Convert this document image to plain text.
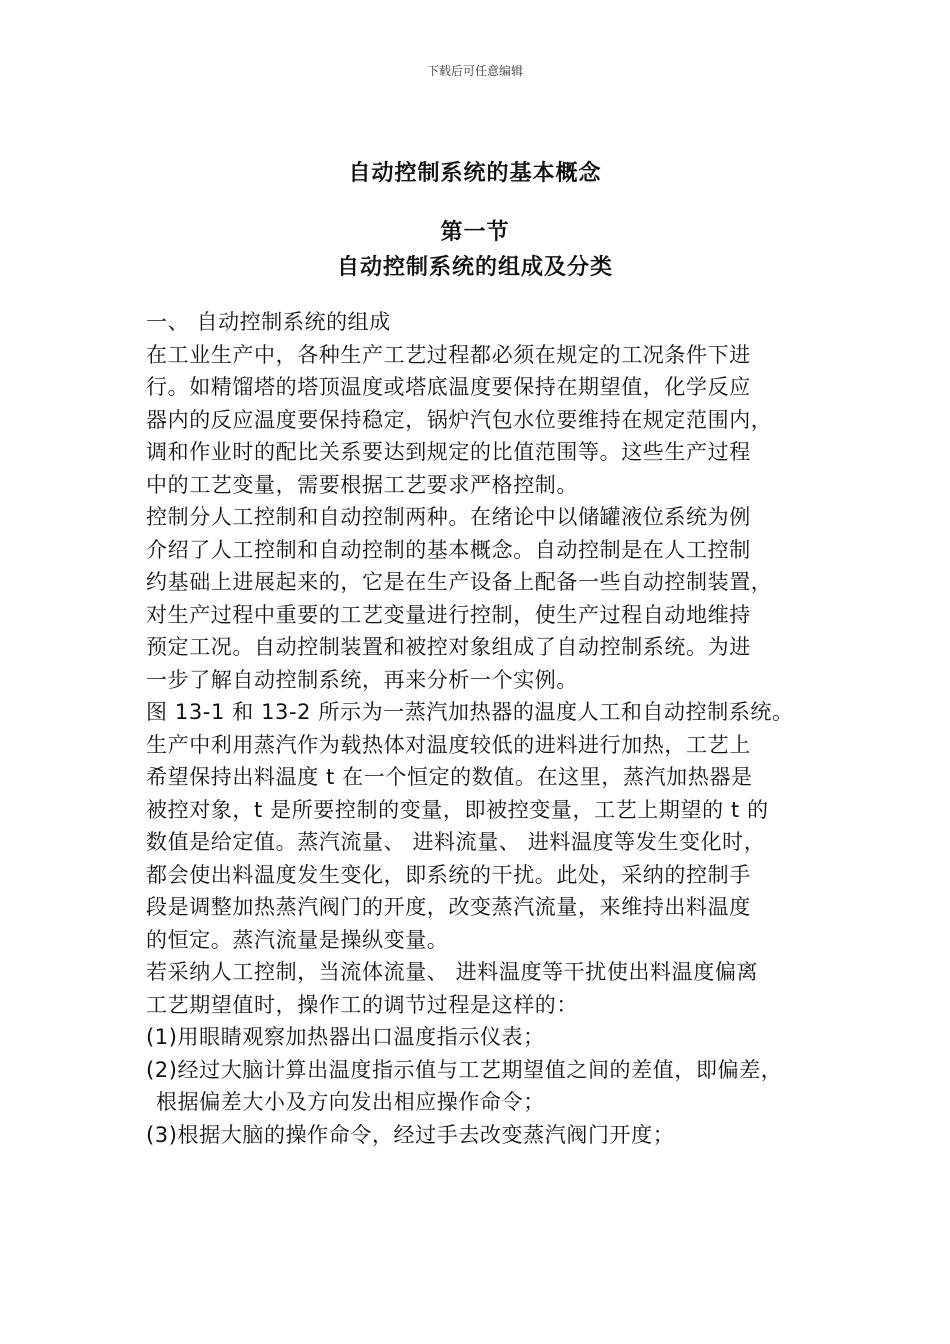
下载后可任意编辑
自动控制系统的基本概念
第一节
自动控制系统的组成及分类
一、 自动控制系统的组成
在工业生产中，各种生产工艺过程都必须在规定的工况条件下进
行。如精馏塔的塔顶温度或塔底温度要保持在期望值，化学反应
器内的反应温度要保持稳定，锅炉汽包水位要维持在规定范围内，
调和作业时的配比关系要达到规定的比值范围等。这些生产过程
中的工艺变量，需要根据工艺要求严格控制。
控制分人工控制和自动控制两种。在绪论中以储罐液位系统为例
介绍了人工控制和自动控制的基本概念。自动控制是在人工控制
约基础上进展起来的，它是在生产设备上配备一些自动控制装置，
对生产过程中重要的工艺变量进行控制，使生产过程自动地维持
预定工况。自动控制装置和被控对象组成了自动控制系统。为进
一步了解自动控制系统，再来分析一个实例。
图 13-1 和 13-2 所示为一蒸汽加热器的温度人工和自动控制系统。
生产中利用蒸汽作为载热体对温度较低的进料进行加热，工艺上
希望保持出料温度 t 在一个恒定的数值。在这里，蒸汽加热器是
被控对象，t 是所要控制的变量，即被控变量，工艺上期望的 t 的
数值是给定值。蒸汽流量、 进料流量、 进料温度等发生变化时，
都会使出料温度发生变化，即系统的干扰。此处，采纳的控制手
段是调整加热蒸汽阀门的开度，改变蒸汽流量，来维持出料温度
的恒定。蒸汽流量是操纵变量。
若采纳人工控制，当流体流量、 进料温度等干扰使出料温度偏离
工艺期望值时，操作工的调节过程是这样的：
(1)用眼睛观察加热器出口温度指示仪表；
(2)经过大脑计算出温度指示值与工艺期望值之间的差值，即偏差，
根据偏差大小及方向发出相应操作命令；
(3)根据大脑的操作命令，经过手去改变蒸汽阀门开度；
